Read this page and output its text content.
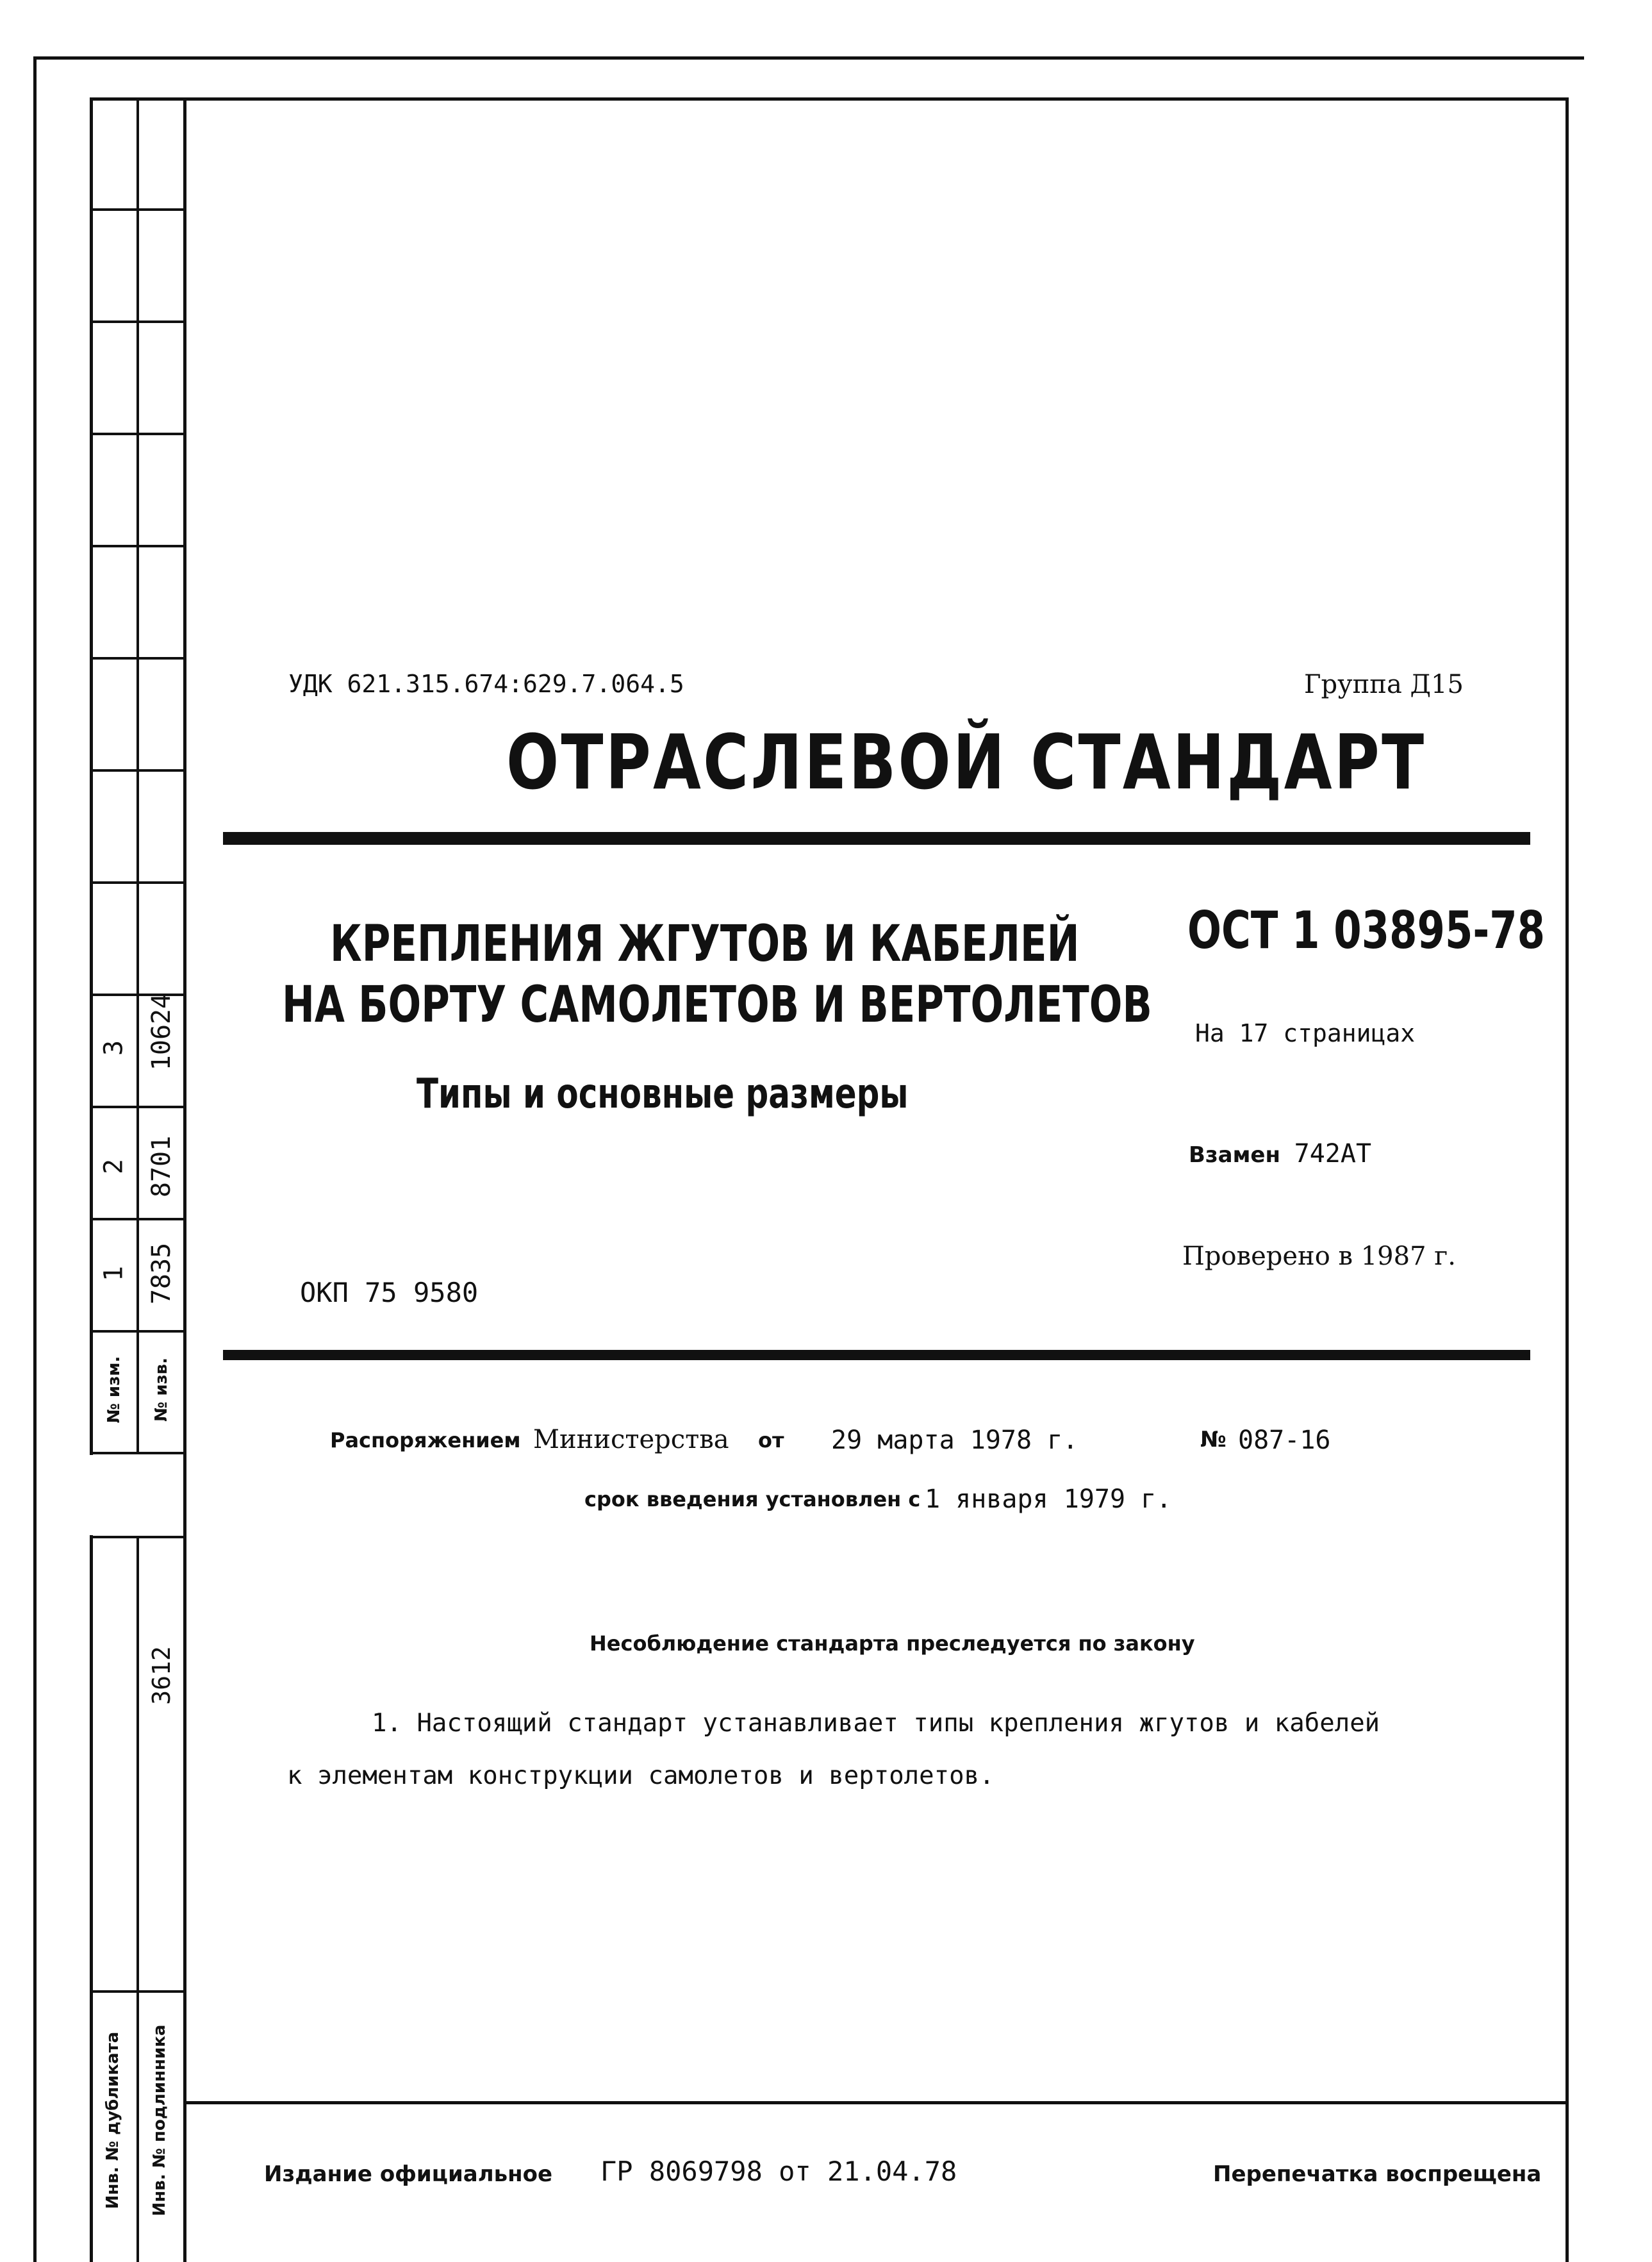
3 10624
2 8701
1 7835
№ изм. № изв.
3612
Инв. № дубликата Инв. № подлинника
УДК 621.315.674:629.7.064.5	Группа Д15
ОТРАСЛЕВОЙ СТАНДАРТ
КРЕПЛЕНИЯ ЖГУТОВ И КАБЕЛЕЙ
НА БОРТУ САМОЛЕТОВ И ВЕРТОЛЕТОВ
Типы и основные размеры
ОСТ 1 03895-78
На 17 страницах
Взамен 742АТ
Проверено в 1987 г.
ОКП 75 9580
Распоряжением Министерства от 29 марта 1978 г.	№ 087-16
срок введения установлен с 1 января 1979 г.
Несоблюдение стандарта преследуется по закону
1. Настоящий стандарт устанавливает типы крепления жгутов и кабелей
к элементам конструкции самолетов и вертолетов.
Издание официальное ГР 8069798 от 21.04.78	Перепечатка воспрещена
